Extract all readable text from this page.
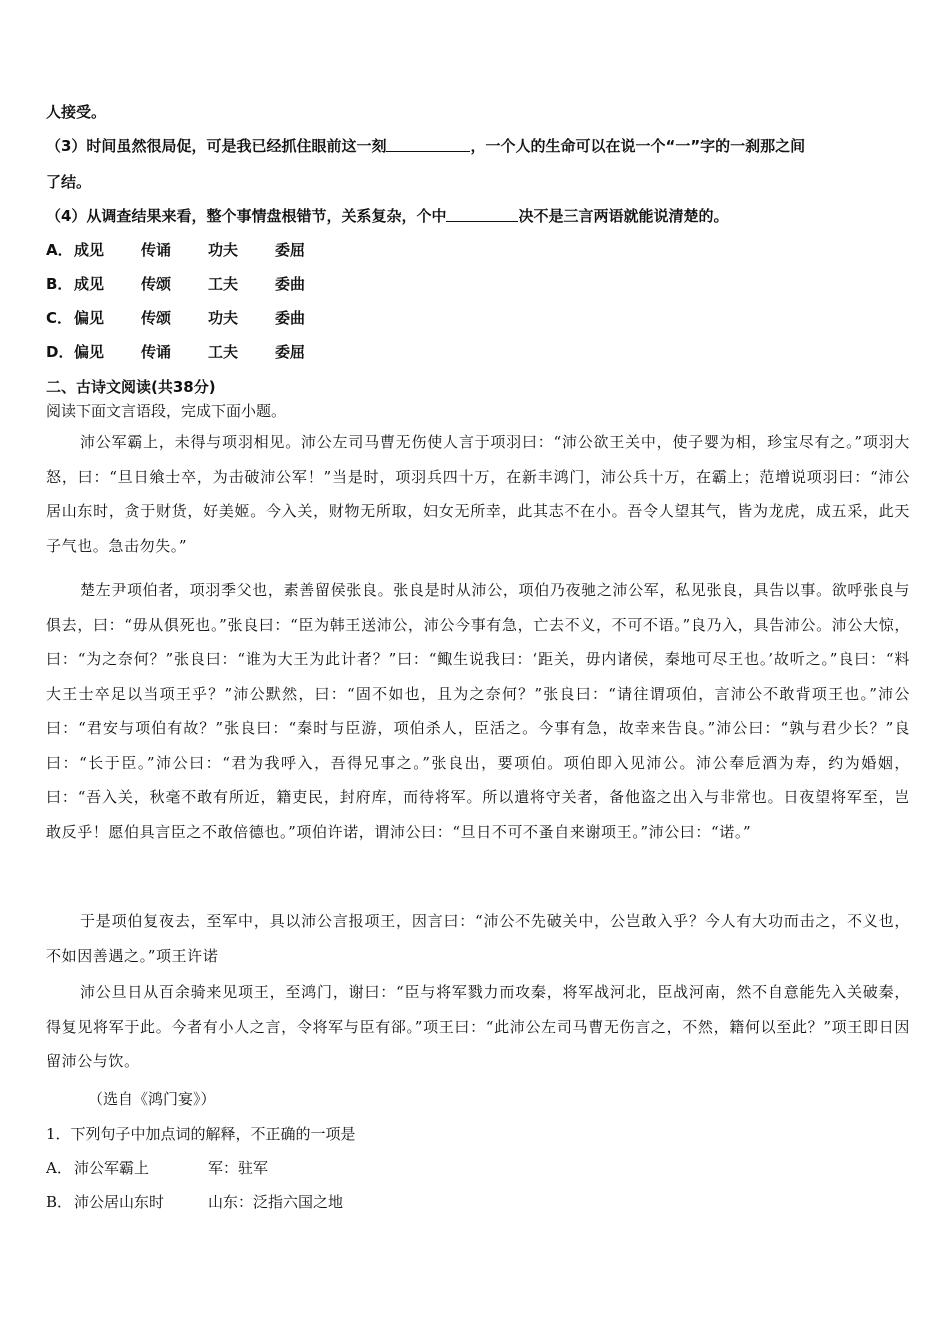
人接受。
（3）时间虽然很局促，可是我已经抓住眼前这一刻	，一个人的生命可以在说一个“一”字的一刹那之间
了结。
（4）从调查结果来看，整个事情盘根错节，关系复杂，个中	决不是三言两语就能说清楚的。
A．成见 传诵 功夫 委屈
B． 成见 传颂 工夫 委曲
C． 偏见 传颂 功夫 委曲
D．偏见 传诵 工夫 委屈
二、古诗文阅读(共38分)
阅读下面文言语段，完成下面小题。
沛公军霸上，未得与项羽相见。沛公左司马曹无伤使人言于项羽曰：“沛公欲王关中，使子婴为相，珍宝尽有之。”项羽大怒，曰：“旦日飨士卒，为击破沛公军！”当是时，项羽兵四十万，在新丰鸿门，沛公兵十万，在霸上；范增说项羽曰：“沛公居山东时，贪于财货，好美姬。今入关，财物无所取，妇女无所幸，此其志不在小。吾令人望其气，皆为龙虎，成五采，此天子气也。急击勿失。”
楚左尹项伯者，项羽季父也，素善留侯张良。张良是时从沛公，项伯乃夜驰之沛公军，私见张良，具告以事。欲呼张良与俱去，曰：“毋从俱死也。”张良曰：“臣为韩王送沛公，沛公今事有急，亡去不义，不可不语。”良乃入，具告沛公。沛公大惊，曰：“为之奈何？”张良曰：“谁为大王为此计者？”曰：“鲰生说我曰：‘距关，毋内诸侯，秦地可尽王也。’故听之。”良曰：“料大王士卒足以当项王乎？”沛公默然，曰：“固不如也，且为之奈何？”张良曰：“请往谓项伯，言沛公不敢背项王也。”沛公曰：“君安与项伯有故？”张良曰：“秦时与臣游，项伯杀人，臣活之。今事有急，故幸来告良。”沛公曰：“孰与君少长？”良曰：“长于臣。”沛公曰：“君为我呼入，吾得兄事之。”张良出，要项伯。项伯即入见沛公。沛公奉卮酒为寿，约为婚姻，曰：“吾入关，秋毫不敢有所近，籍吏民，封府库，而待将军。所以遣将守关者，备他盗之出入与非常也。日夜望将军至，岂敢反乎！愿伯具言臣之不敢倍德也。”项伯许诺，谓沛公曰：“旦日不可不蚤自来谢项王。”沛公曰：“诺。”
于是项伯复夜去，至军中，具以沛公言报项王，因言曰：“沛公不先破关中，公岂敢入乎？今人有大功而击之，不义也，不如因善遇之。”项王许诺
沛公旦日从百余骑来见项王，至鸿门，谢曰：“臣与将军戮力而攻秦，将军战河北，臣战河南，然不自意能先入关破秦，得复见将军于此。今者有小人之言，令将军与臣有郤。”项王曰：“此沛公左司马曹无伤言之，不然，籍何以至此？”项王即日因留沛公与饮。
（选自《鸿门宴》）
1．下列句子中加点词的解释，不正确的一项是
A． 沛公军霸上	军：驻军
B． 沛公居山东时	山东：泛指六国之地
